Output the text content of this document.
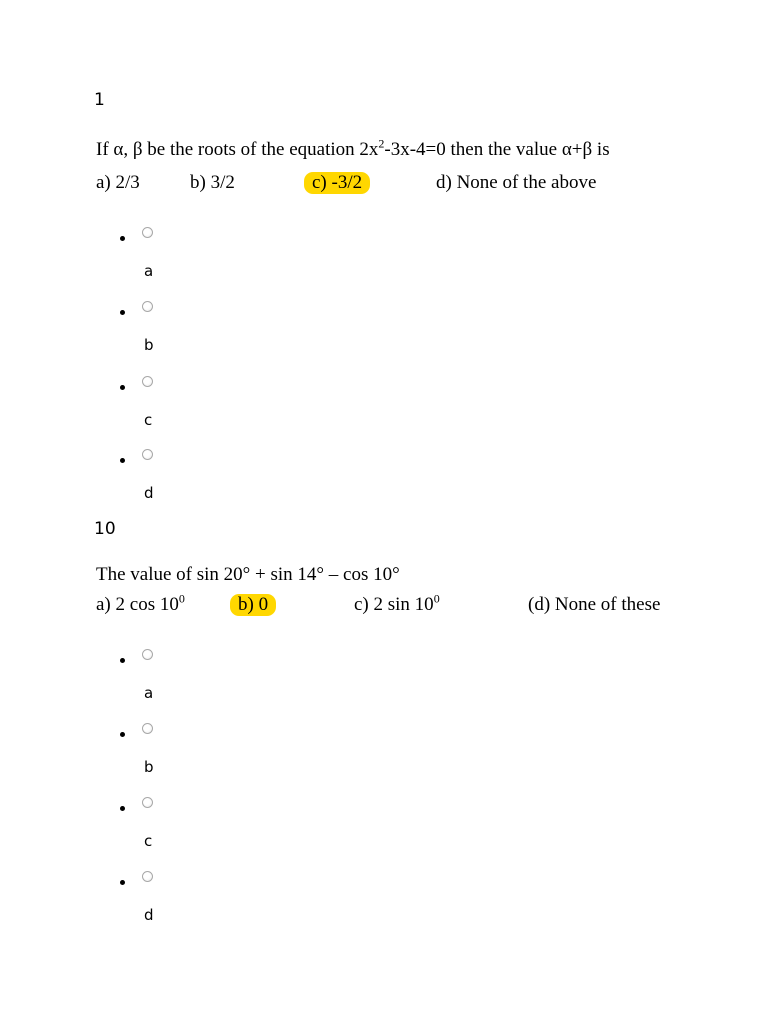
1
If α, β be the roots of the equation $2x^2-3x-4=0$ then the value α+β is
a) 2/3	b) 3/2	c) -3/2	d) None of the above
a
b
c
d
10
The value of sin 20° + sin 14° – cos 10°
a) 2 $\cos 10^0$	b) 0	c) 2 $\sin 10^0$	(d) None of these
a
b
c
d
